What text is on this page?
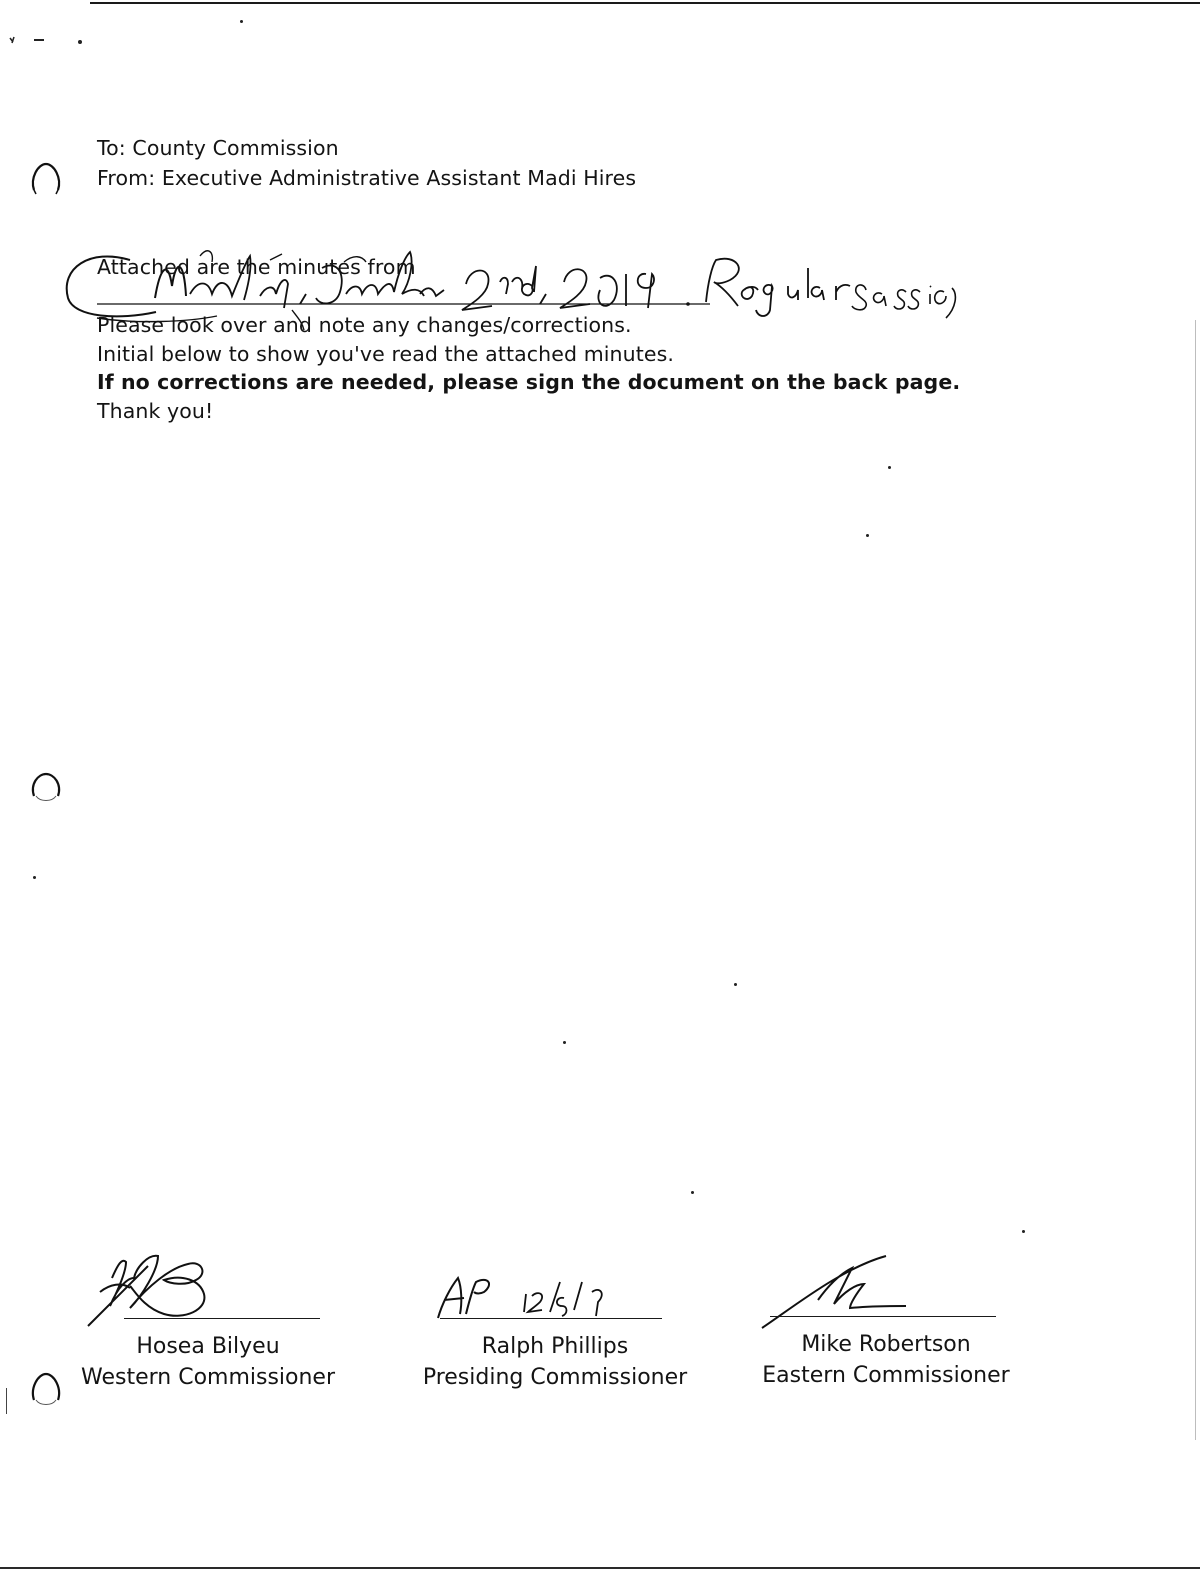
To: County Commission
From: Executive Administrative Assistant Madi Hires
Attached are the minutes from
Please look over and note any changes/corrections.
Initial below to show you've read the attached minutes.
If no corrections are needed, please sign the document on the back page.
Thank you!
Hosea Bilyeu
Western Commissioner
Ralph Phillips
Presiding Commissioner
Mike Robertson
Eastern Commissioner
